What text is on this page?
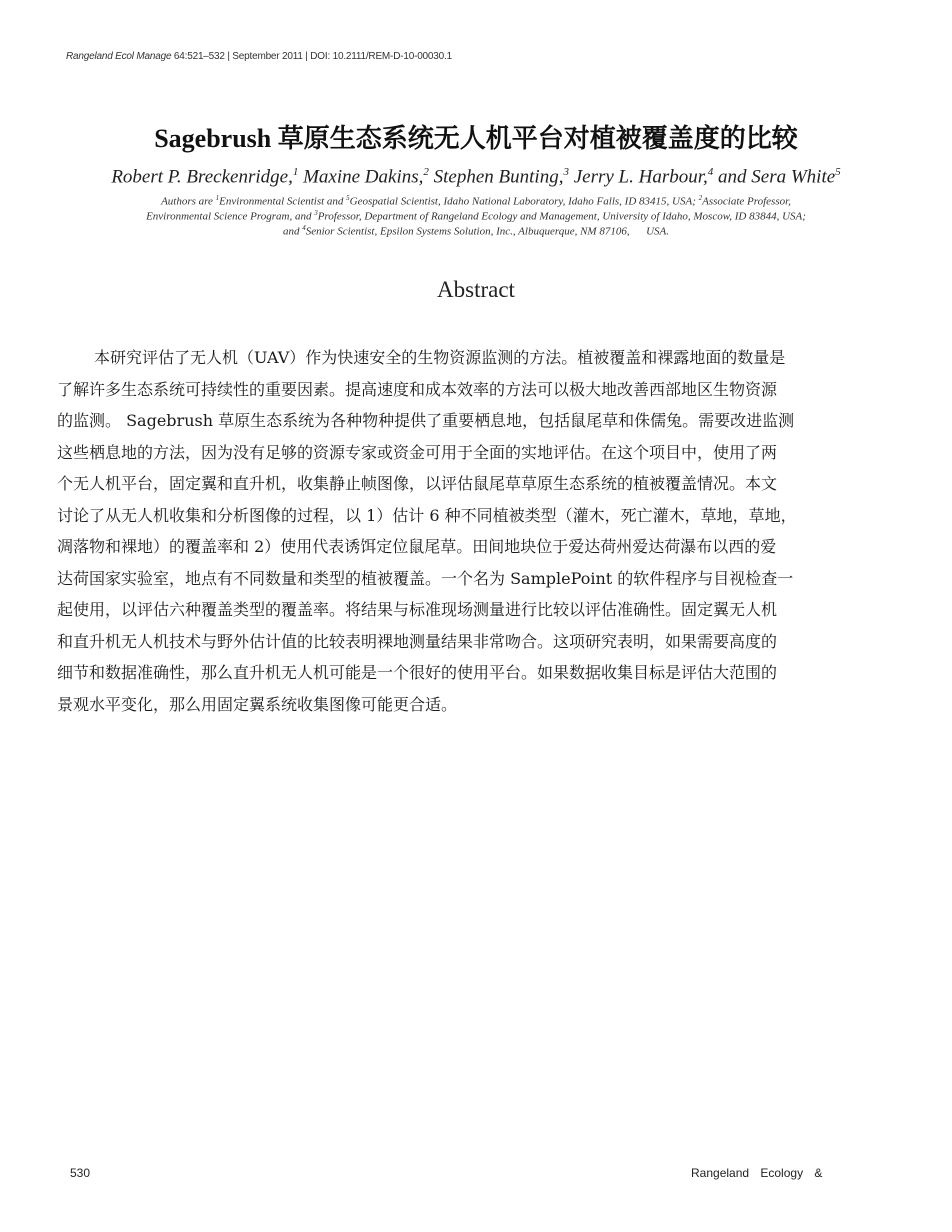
Rangeland Ecol Manage 64:521–532 | September 2011 | DOI: 10.2111/REM-D-10-00030.1
Sagebrush 草原生态系统无人机平台对植被覆盖度的比较
Robert P. Breckenridge,$^1$ Maxine Dakins,$^2$ Stephen Bunting,$^3$ Jerry L. Harbour,$^4$ and Sera White$^5$
Authors are $^1$Environmental Scientist and $^5$Geospatial Scientist, Idaho National Laboratory, Idaho Falls, ID 83415, USA; $^2$Associate Professor,
Environmental Science Program, and $^3$Professor, Department of Rangeland Ecology and Management, University of Idaho, Moscow, ID 83844, USA;
and $^4$Senior Scientist, Epsilon Systems Solution, Inc., Albuquerque, NM 87106,      USA.
Abstract
本研究评估了无人机（UAV）作为快速安全的生物资源监测的方法。植被覆盖和裸露地面的数量是
了解许多生态系统可持续性的重要因素。提高速度和成本效率的方法可以极大地改善西部地区生物资源
的监测。 Sagebrush 草原生态系统为各种物种提供了重要栖息地，包括鼠尾草和侏儒兔。需要改进监测
这些栖息地的方法，因为没有足够的资源专家或资金可用于全面的实地评估。在这个项目中，使用了两
个无人机平台，固定翼和直升机，收集静止帧图像，以评估鼠尾草草原生态系统的植被覆盖情况。本文
讨论了从无人机收集和分析图像的过程，以 1）估计 6 种不同植被类型（灌木，死亡灌木，草地，草地，
凋落物和裸地）的覆盖率和 2）使用代表诱饵定位鼠尾草。田间地块位于爱达荷州爱达荷瀑布以西的爱
达荷国家实验室，地点有不同数量和类型的植被覆盖。一个名为 SamplePoint 的软件程序与目视检查一
起使用，以评估六种覆盖类型的覆盖率。将结果与标准现场测量进行比较以评估准确性。固定翼无人机
和直升机无人机技术与野外估计值的比较表明裸地测量结果非常吻合。这项研究表明，如果需要高度的
细节和数据准确性，那么直升机无人机可能是一个很好的使用平台。如果数据收集目标是评估大范围的
景观水平变化，那么用固定翼系统收集图像可能更合适。
530	Rangeland Ecology &
